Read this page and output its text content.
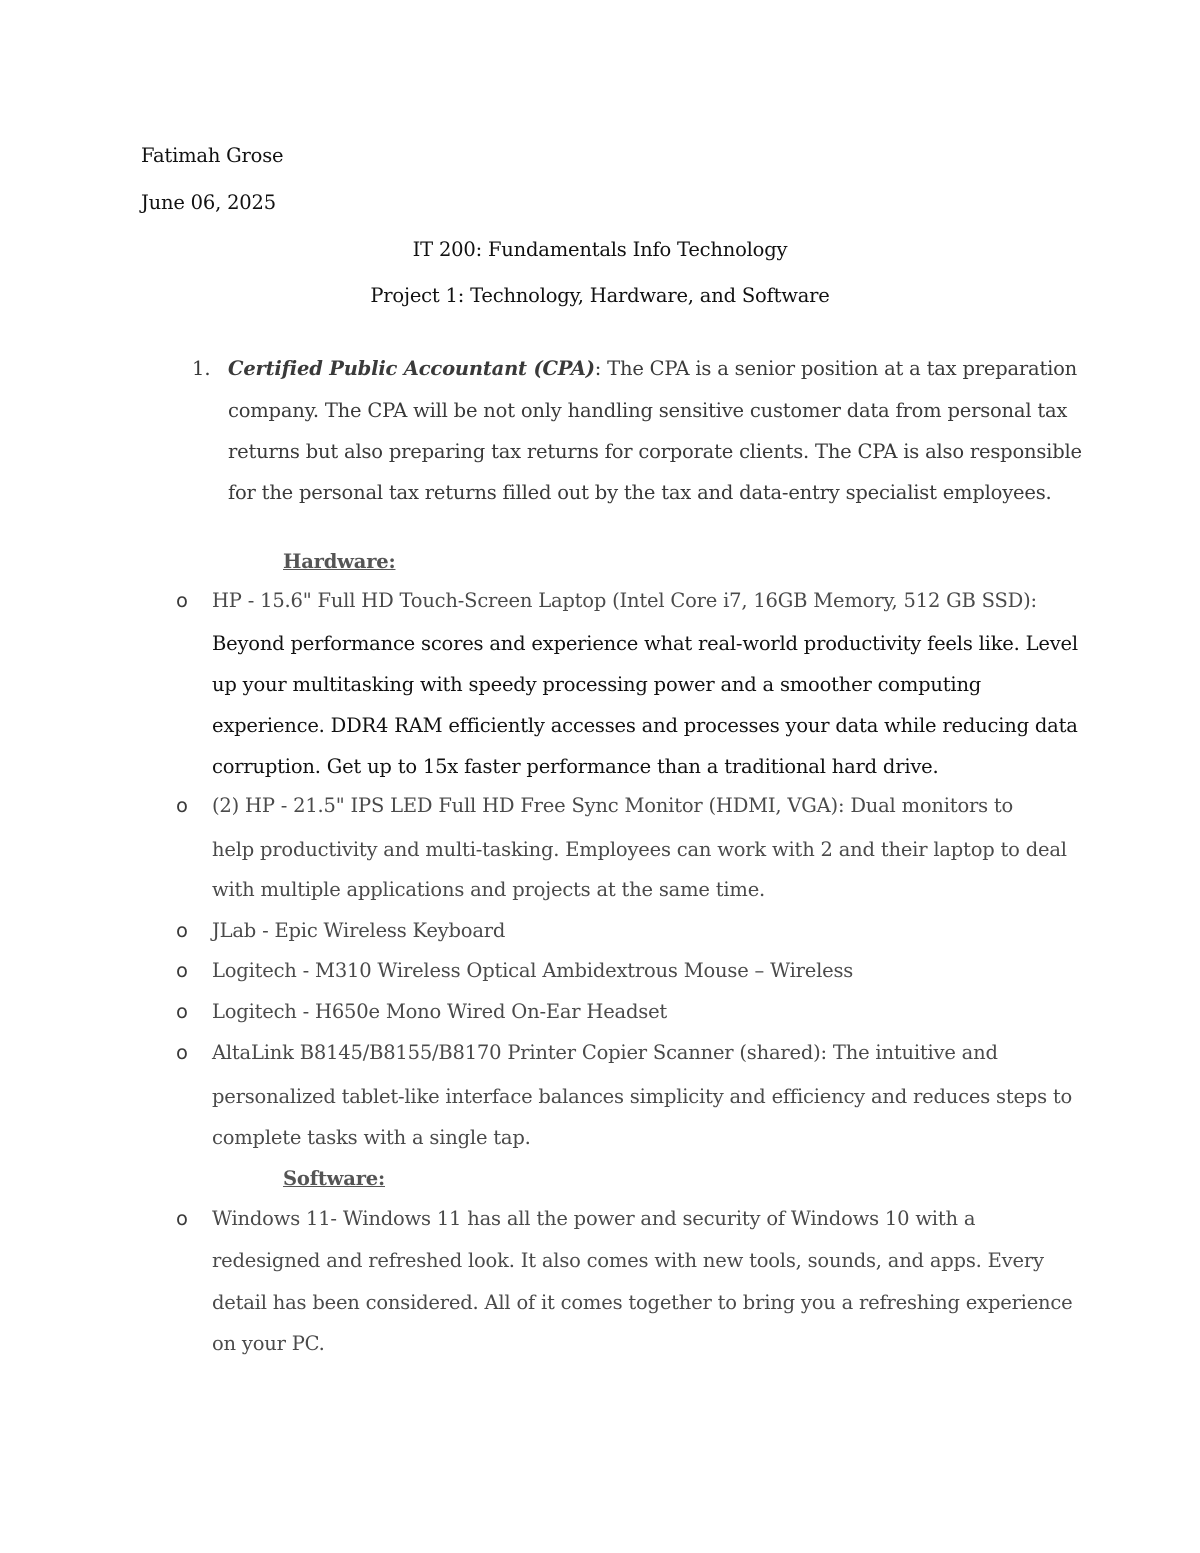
Fatimah Grose
June 06, 2025
IT 200: Fundamentals Info Technology
Project 1: Technology, Hardware, and Software
1. Certified Public Accountant (CPA): The CPA is a senior position at a tax preparation
company. The CPA will be not only handling sensitive customer data from personal tax
returns but also preparing tax returns for corporate clients. The CPA is also responsible
for the personal tax returns filled out by the tax and data-entry specialist employees.
Hardware:
o HP - 15.6" Full HD Touch-Screen Laptop (Intel Core i7, 16GB Memory, 512 GB SSD):
Beyond performance scores and experience what real-world productivity feels like. Level
up your multitasking with speedy processing power and a smoother computing
experience. DDR4 RAM efficiently accesses and processes your data while reducing data
corruption. Get up to 15x faster performance than a traditional hard drive.
o (2) HP - 21.5" IPS LED Full HD Free Sync Monitor (HDMI, VGA): Dual monitors to
help productivity and multi-tasking. Employees can work with 2 and their laptop to deal
with multiple applications and projects at the same time.
o JLab - Epic Wireless Keyboard
o Logitech - M310 Wireless Optical Ambidextrous Mouse – Wireless
o Logitech - H650e Mono Wired On-Ear Headset
o AltaLink B8145/B8155/B8170 Printer Copier Scanner (shared): The intuitive and
personalized tablet-like interface balances simplicity and efficiency and reduces steps to
complete tasks with a single tap.
Software:
o Windows 11- Windows 11 has all the power and security of Windows 10 with a
redesigned and refreshed look. It also comes with new tools, sounds, and apps. Every
detail has been considered. All of it comes together to bring you a refreshing experience
on your PC.
